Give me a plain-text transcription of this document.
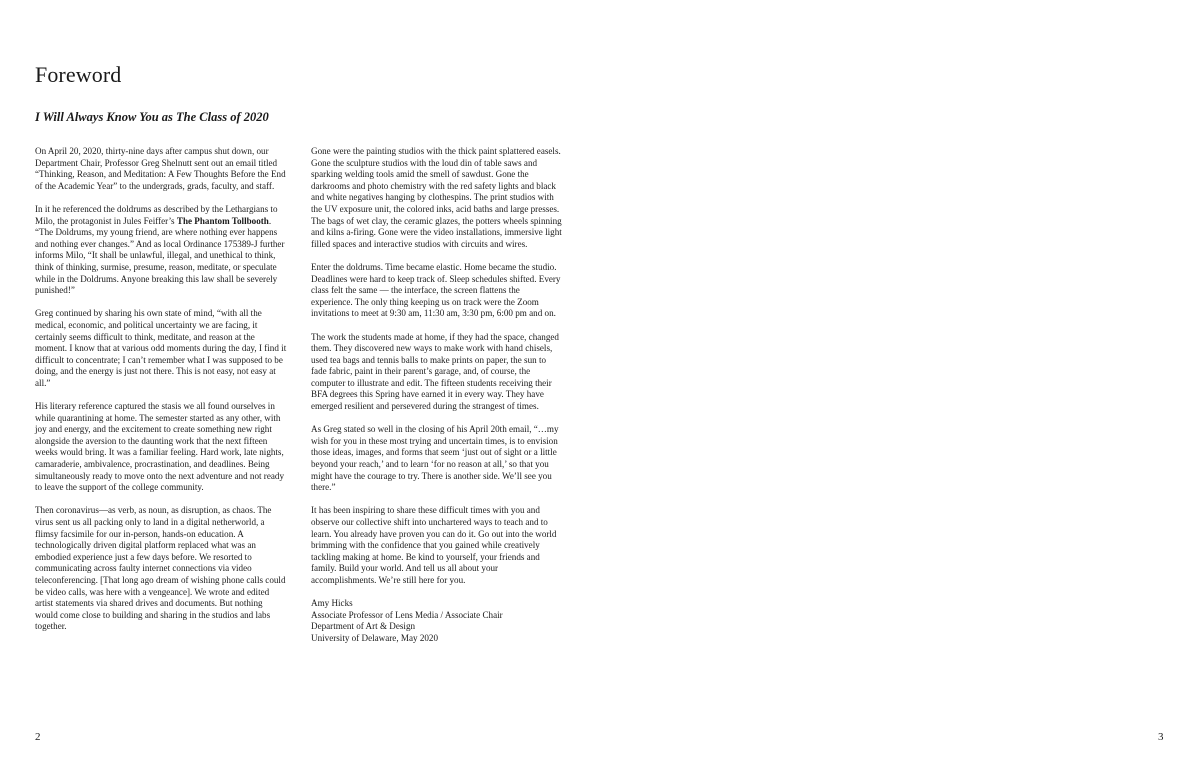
Foreword
I Will Always Know You as The Class of 2020

On April 20, 2020, thirty-nine days after campus shut down, our Department Chair, Professor Greg Shelnutt sent out an email titled “Thinking, Reason, and Meditation: A Few Thoughts Before the End of the Academic Year” to the undergrads, grads, faculty, and staff.

In it he referenced the doldrums as described by the Lethargians to Milo, the protagonist in Jules Feiffer’s The Phantom Tollbooth. “The Doldrums, my young friend, are where nothing ever happens and nothing ever changes.” And as local Ordinance 175389-J further informs Milo, “It shall be unlawful, illegal, and unethical to think, think of thinking, surmise, presume, reason, meditate, or speculate while in the Doldrums. Anyone breaking this law shall be severely punished!”

Greg continued by sharing his own state of mind, “with all the medical, economic, and political uncertainty we are facing, it certainly seems difficult to think, meditate, and reason at the moment. I know that at various odd moments during the day, I find it difficult to concentrate; I can’t remember what I was supposed to be doing, and the energy is just not there. This is not easy, not easy at all.”

His literary reference captured the stasis we all found ourselves in while quarantining at home. The semester started as any other, with joy and energy, and the excitement to create something new right alongside the aversion to the daunting work that the next fifteen weeks would bring. It was a familiar feeling. Hard work, late nights, camaraderie, ambivalence, procrastination, and deadlines. Being simultaneously ready to move onto the next adventure and not ready to leave the support of the college community.

Then coronavirus—as verb, as noun, as disruption, as chaos. The virus sent us all packing only to land in a digital netherworld, a flimsy facsimile for our in-person, hands-on education. A technologically driven digital platform replaced what was an embodied experience just a few days before. We resorted to communicating across faulty internet connections via video teleconferencing. [That long ago dream of wishing phone calls could be video calls, was here with a vengeance]. We wrote and edited artist statements via shared drives and documents. But nothing would come close to building and sharing in the studios and labs together.

Gone were the painting studios with the thick paint splattered easels. Gone the sculpture studios with the loud din of table saws and sparking welding tools amid the smell of sawdust. Gone the darkrooms and photo chemistry with the red safety lights and black and white negatives hanging by clothespins. The print studios with the UV exposure unit, the colored inks, acid baths and large presses. The bags of wet clay, the ceramic glazes, the potters wheels spinning and kilns a-firing. Gone were the video installations, immersive light filled spaces and interactive studios with circuits and wires.

Enter the doldrums. Time became elastic. Home became the studio. Deadlines were hard to keep track of. Sleep schedules shifted. Every class felt the same — the interface, the screen flattens the experience. The only thing keeping us on track were the Zoom invitations to meet at 9:30 am, 11:30 am, 3:30 pm, 6:00 pm and on.

The work the students made at home, if they had the space, changed them. They discovered new ways to make work with hand chisels, used tea bags and tennis balls to make prints on paper, the sun to fade fabric, paint in their parent’s garage, and, of course, the computer to illustrate and edit. The fifteen students receiving their BFA degrees this Spring have earned it in every way. They have emerged resilient and persevered during the strangest of times.

As Greg stated so well in the closing of his April 20th email, “…my wish for you in these most trying and uncertain times, is to envision those ideas, images, and forms that seem ‘just out of sight or a little beyond your reach,’ and to learn ‘for no reason at all,’ so that you might have the courage to try. There is another side. We’ll see you there.”

It has been inspiring to share these difficult times with you and observe our collective shift into unchartered ways to teach and to learn. You already have proven you can do it. Go out into the world brimming with the confidence that you gained while creatively tackling making at home. Be kind to yourself, your friends and family. Build your world. And tell us all about your accomplishments. We’re still here for you.

Amy Hicks

Associate Professor of Lens Media / Associate Chair

Department of Art & Design

University of Delaware, May 2020

2	3
